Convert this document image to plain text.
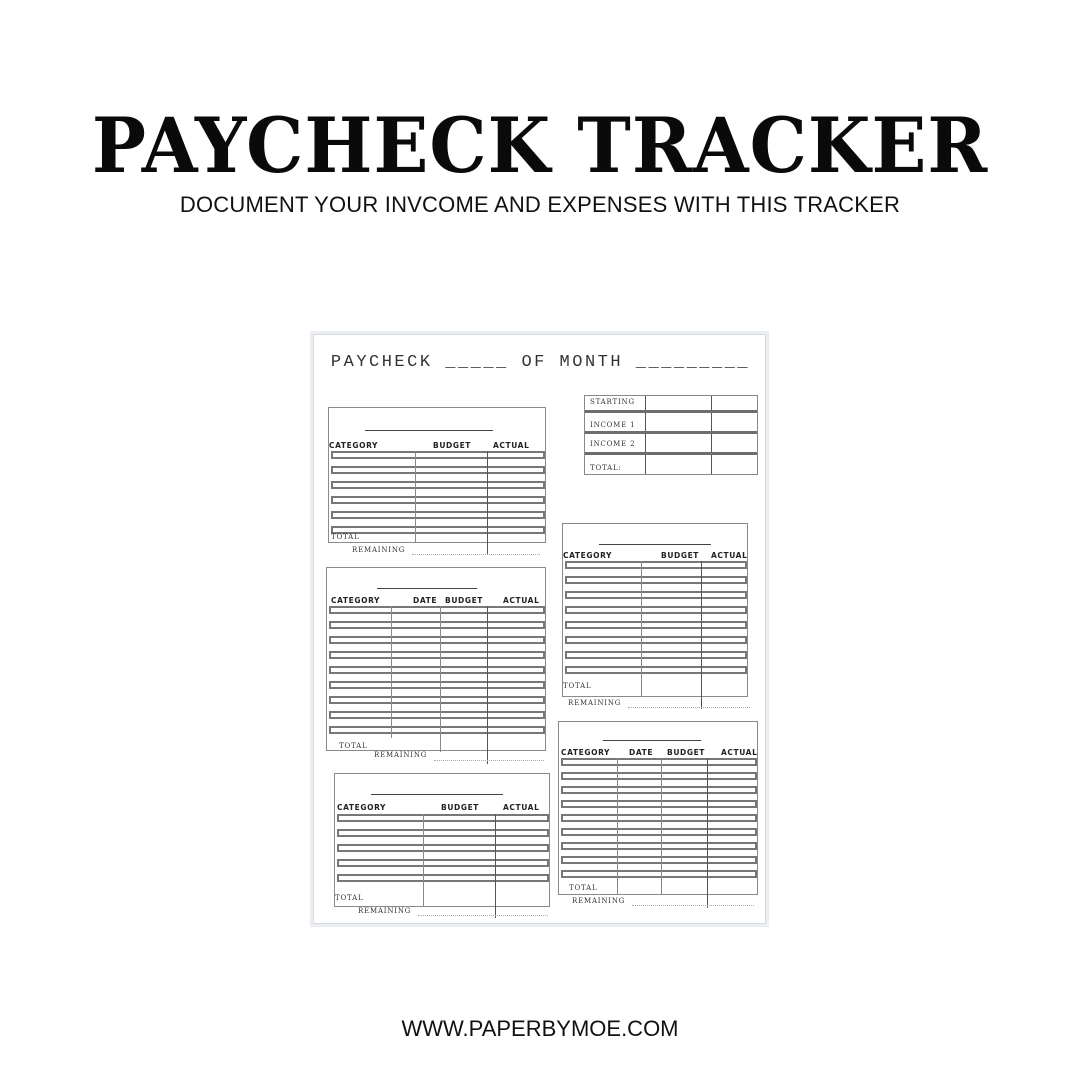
PAYCHECK TRACKER
DOCUMENT YOUR INVCOME AND EXPENSES WITH THIS TRACKER
PAYCHECK _____ OF MONTH _________
STARTING
INCOME 1
INCOME 2
TOTAL:
CATEGORY	BUDGET	ACTUAL
TOTAL
REMAINING
CATEGORY	DATE BUDGET	ACTUAL
TOTAL
REMAINING
CATEGORY	BUDGET	ACTUAL
TOTAL
REMAINING
CATEGORY	BUDGET ACTUAL
TOTAL
REMAINING
CATEGORY	DATE BUDGET ACTUAL
TOTAL
REMAINING
WWW.PAPERBYMOE.COM
